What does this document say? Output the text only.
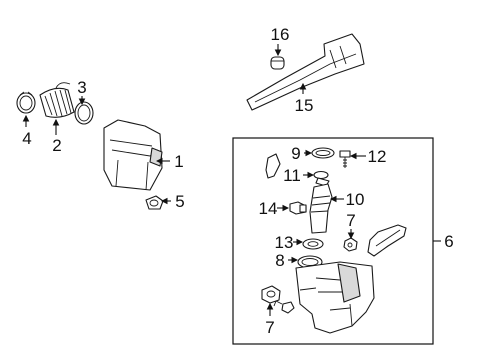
4 2
3
1
5
16
15
6
9	12
11
10
14
7
13
8
7
